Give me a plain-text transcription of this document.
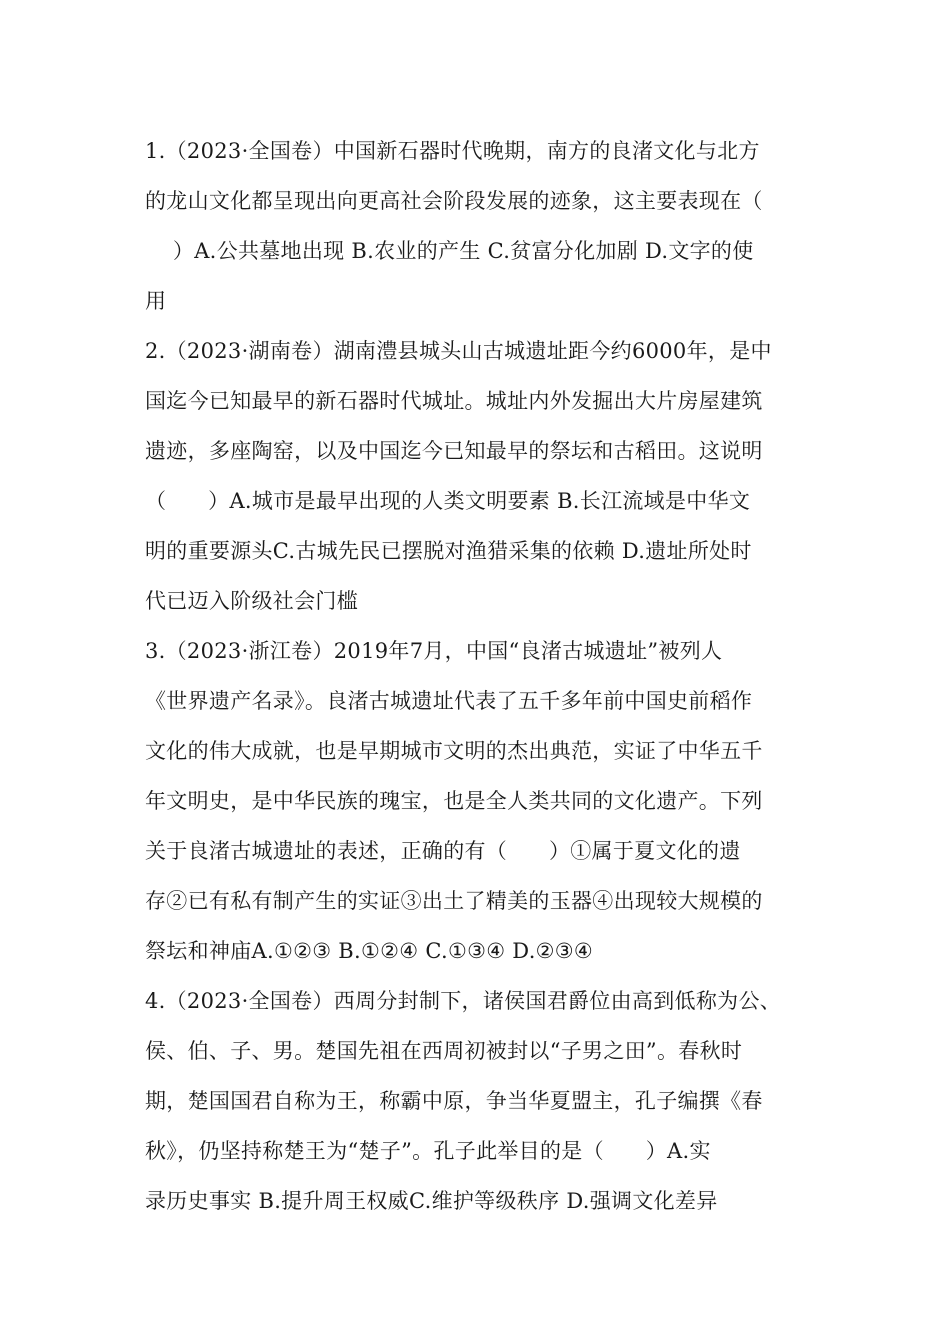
1.（2023·全国卷）中国新石器时代晚期，南方的良渚文化与北方
的龙山文化都呈现出向更高社会阶段发展的迹象，这主要表现在（
）A.公共墓地出现 B.农业的产生 C.贫富分化加剧 D.文字的使
用
2.（2023·湖南卷）湖南澧县城头山古城遗址距今约6000年，是中
国迄今已知最早的新石器时代城址。城址内外发掘出大片房屋建筑
遗迹，多座陶窑，以及中国迄今已知最早的祭坛和古稻田。这说明
（      ）A.城市是最早出现的人类文明要素 B.长江流域是中华文
明的重要源头C.古城先民已摆脱对渔猎采集的依赖 D.遗址所处时
代已迈入阶级社会门槛
3.（2023·浙江卷）2019年7月，中国“良渚古城遗址”被列人
《世界遗产名录》。良渚古城遗址代表了五千多年前中国史前稻作
文化的伟大成就，也是早期城市文明的杰出典范，实证了中华五千
年文明史，是中华民族的瑰宝，也是全人类共同的文化遗产。下列
关于良渚古城遗址的表述，正确的有（      ）①属于夏文化的遗
存②已有私有制产生的实证③出土了精美的玉器④出现较大规模的
祭坛和神庙A.①②③ B.①②④ C.①③④ D.②③④
4.（2023·全国卷）西周分封制下，诸侯国君爵位由高到低称为公、
侯、伯、子、男。楚国先祖在西周初被封以“子男之田”。春秋时
期，楚国国君自称为王，称霸中原，争当华夏盟主，孔子编撰《春
秋》，仍坚持称楚王为“楚子”。孔子此举目的是（      ）A.实
录历史事实 B.提升周王权威C.维护等级秩序 D.强调文化差异
